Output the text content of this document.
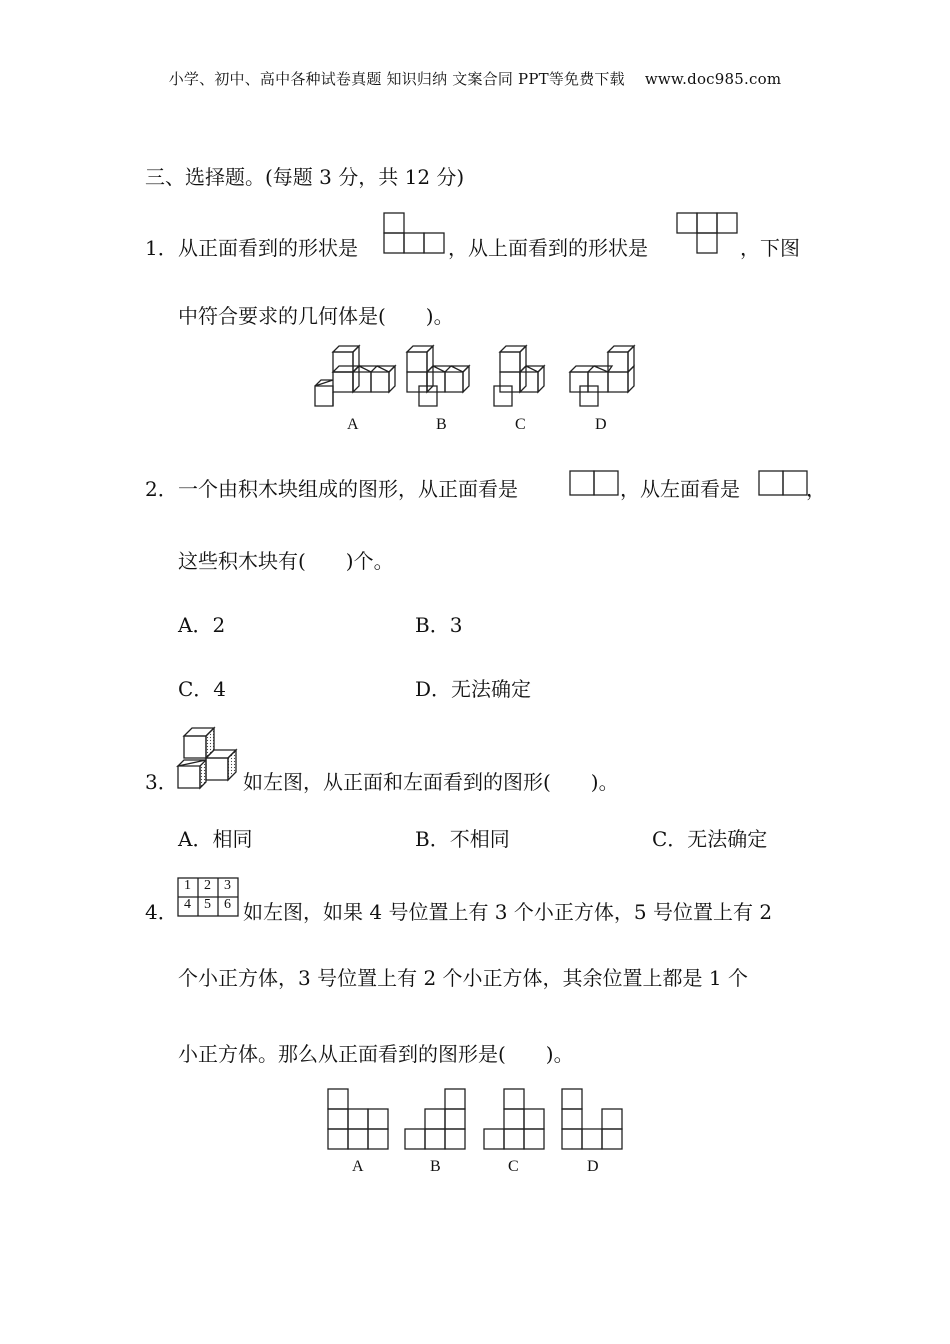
小学、初中、高中各种试卷真题 知识归纳 文案合同 PPT等免费下载 www.doc985.com
三、选择题。(每题 3 分，共 12 分)
1． 从正面看到的形状是	，从上面看到的形状是	，下图
中符合要求的几何体是(　　)。
A	B	C	D
2． 一个由积木块组成的图形，从正面看是	，从左面看是	，
这些积木块有(　　)个。
A．2	B．3
C．4	D．无法确定
3．	如左图，从正面和左面看到的图形(　　)。
A．相同	B．不相同	C．无法确定
4．
1 2 3
4 5 6 如左图，如果 4 号位置上有 3 个小正方体，5 号位置上有 2
个小正方体，3 号位置上有 2 个小正方体，其余位置上都是 1 个
小正方体。那么从正面看到的图形是(　　)。
A	B	C	D
